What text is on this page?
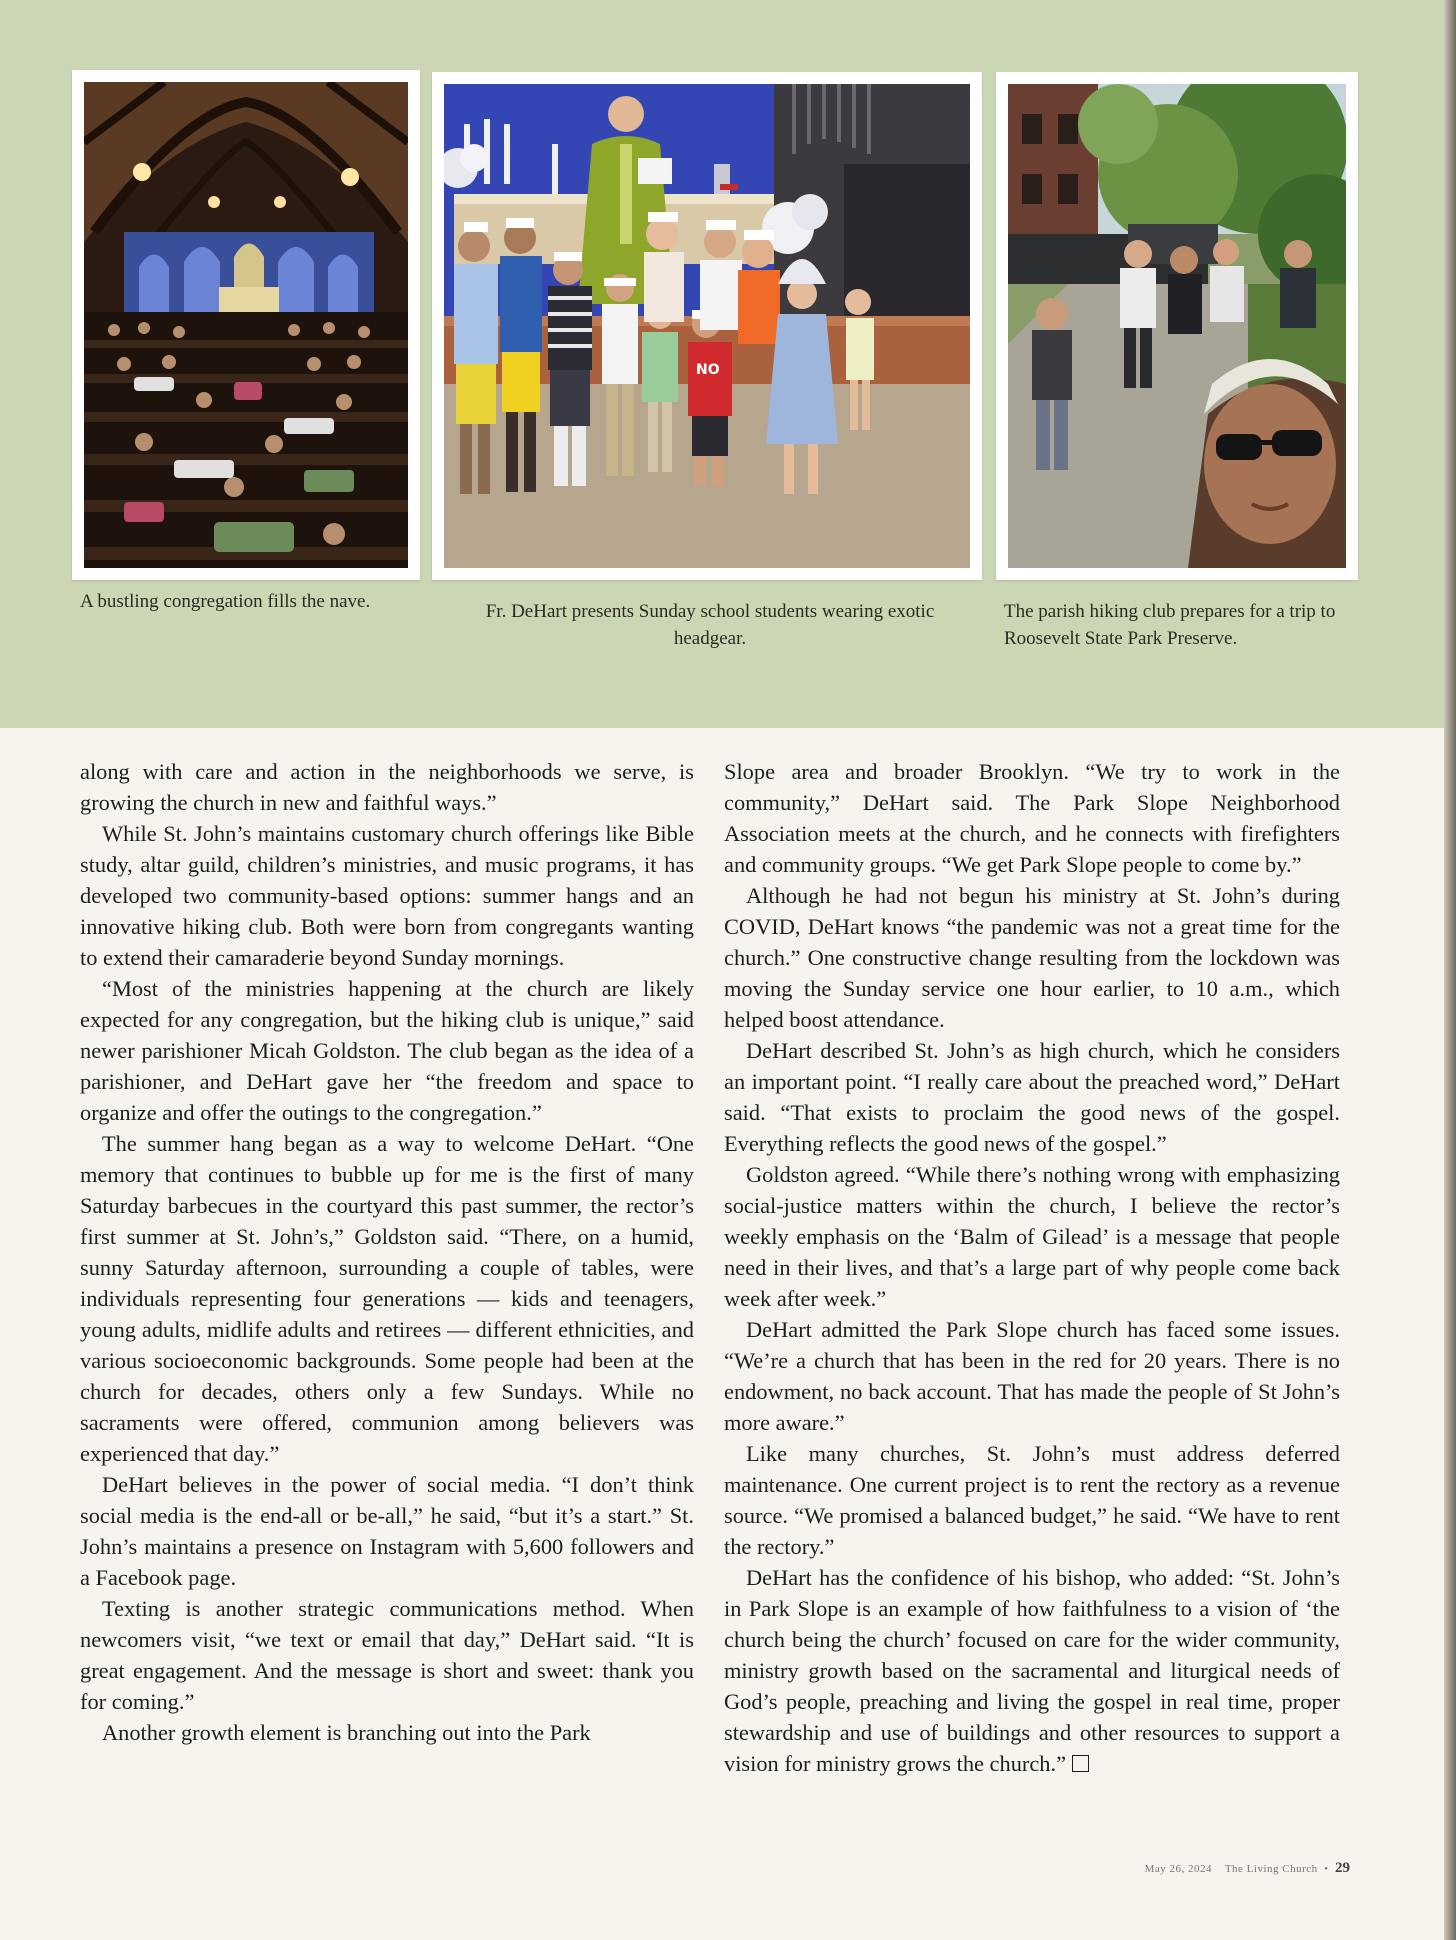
NO
A bustling congregation fills the nave.	Fr. DeHart presents Sunday school students wearing exotic headgear.
The parish hiking club prepares for a trip to Roosevelt State Park Preserve.

along with care and action in the neighborhoods we serve, is growing the church in new and faithful ways.”

While St. John’s maintains customary church offerings like Bible study, altar guild, children’s ministries, and music programs, it has developed two community-based options: summer hangs and an innovative hiking club. Both were born from congregants wanting to extend their camaraderie beyond Sunday mornings.

“Most of the ministries happening at the church are likely expected for any congregation, but the hiking club is unique,” said newer parishioner Micah Goldston. The club began as the idea of a parishioner, and DeHart gave her “the freedom and space to organize and offer the outings to the congregation.”

The summer hang began as a way to welcome DeHart. “One memory that continues to bubble up for me is the first of many Saturday barbecues in the courtyard this past summer, the rector’s first summer at St. John’s,” Goldston said. “There, on a humid, sunny Saturday afternoon, surrounding a couple of tables, were individuals representing four generations — kids and teenagers, young adults, midlife adults and retirees — different ethnicities, and various socioeconomic backgrounds. Some people had been at the church for decades, others only a few Sundays. While no sacraments were offered, communion among believers was experienced that day.”

DeHart believes in the power of social media. “I don’t think social media is the end-all or be-all,” he said, “but it’s a start.” St. John’s maintains a presence on Instagram with 5,600 followers and a Facebook page.

Texting is another strategic communications method. When newcomers visit, “we text or email that day,” DeHart said. “It is great engagement. And the message is short and sweet: thank you for coming.”

Another growth element is branching out into the Park

Slope area and broader Brooklyn. “We try to work in the community,” DeHart said. The Park Slope Neighborhood Association meets at the church, and he connects with firefighters and community groups. “We get Park Slope people to come by.”

Although he had not begun his ministry at St. John’s during COVID, DeHart knows “the pandemic was not a great time for the church.” One constructive change resulting from the lockdown was moving the Sunday service one hour earlier, to 10 a.m., which helped boost attendance.

DeHart described St. John’s as high church, which he considers an important point. “I really care about the preached word,” DeHart said. “That exists to proclaim the good news of the gospel. Everything reflects the good news of the gospel.”

Goldston agreed. “While there’s nothing wrong with emphasizing social-justice matters within the church, I believe the rector’s weekly emphasis on the ‘Balm of Gilead’ is a message that people need in their lives, and that’s a large part of why people come back week after week.”

DeHart admitted the Park Slope church has faced some issues. “We’re a church that has been in the red for 20 years. There is no endowment, no back account. That has made the people of St John’s more aware.”

Like many churches, St. John’s must address deferred maintenance. One current project is to rent the rectory as a revenue source. “We promised a balanced budget,” he said. “We have to rent the rectory.”

DeHart has the confidence of his bishop, who added: “St. John’s in Park Slope is an example of how faithfulness to a vision of ‘the church being the church’ focused on care for the wider community, ministry growth based on the sacramental and liturgical needs of God’s people, preaching and living the gospel in real time, proper stewardship and use of buildings and other resources to support a vision for ministry grows the church.”

May 26, 2024 The Living Church • 29
